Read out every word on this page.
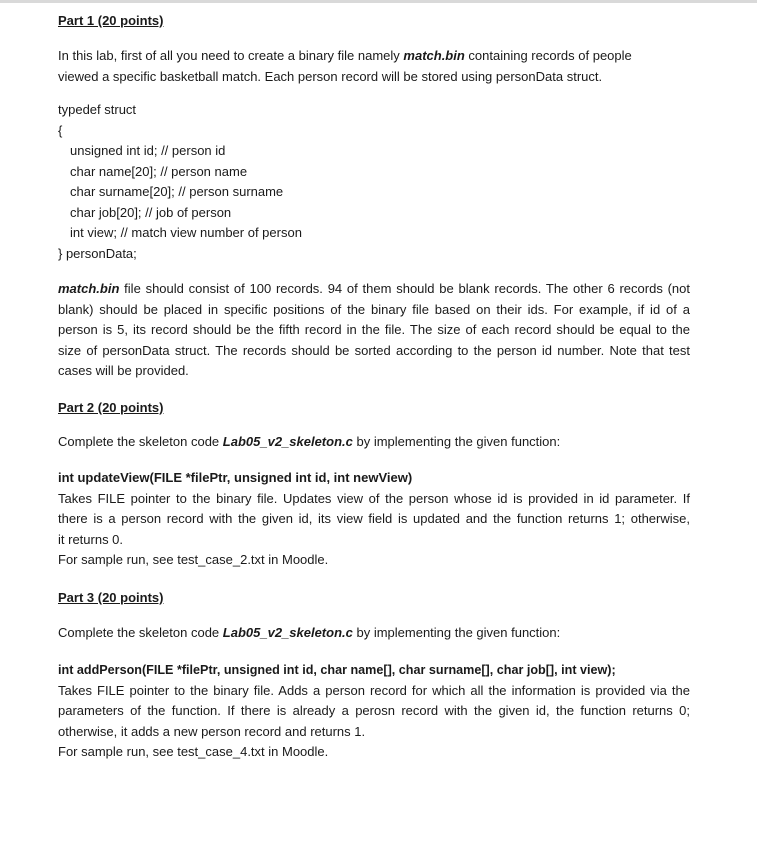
Part 1 (20 points)
In this lab, first of all you need to create a binary file namely match.bin containing records of people
viewed a specific basketball match. Each person record will be stored using personData struct.
typedef struct
{
unsigned int id; // person id
char name[20]; // person name
char surname[20]; // person surname
char job[20]; // job of person
int view; // match view number of person
} personData;
match.bin file should consist of 100 records. 94 of them should be blank records. The other 6 records (not
blank) should be placed in specific positions of the binary file based on their ids. For example, if id of a
person is 5, its record should be the fifth record in the file. The size of each record should be equal to the
size of personData struct. The records should be sorted according to the person id number. Note that test
cases will be provided.
Part 2 (20 points)
Complete the skeleton code Lab05_v2_skeleton.c by implementing the given function:
int updateView(FILE *filePtr, unsigned int id, int newView)
Takes FILE pointer to the binary file. Updates view of the person whose id is provided in id parameter. If
there is a person record with the given id, its view field is updated and the function returns 1; otherwise,
it returns 0.
For sample run, see test_case_2.txt in Moodle.
Part 3 (20 points)
Complete the skeleton code Lab05_v2_skeleton.c by implementing the given function:
int addPerson(FILE *filePtr, unsigned int id, char name[], char surname[], char job[], int view);
Takes FILE pointer to the binary file. Adds a person record for which all the information is provided via the
parameters of the function. If there is already a perosn record with the given id, the function returns 0;
otherwise, it adds a new person record and returns 1.
For sample run, see test_case_4.txt in Moodle.
